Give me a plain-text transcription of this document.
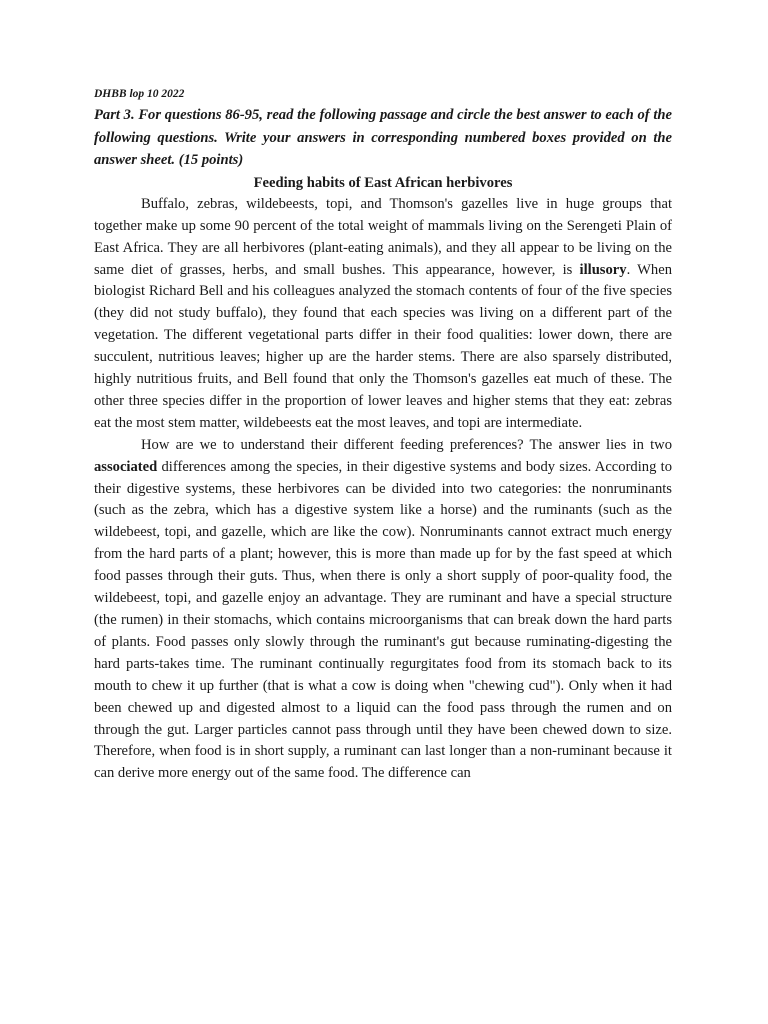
DHBB lop 10 2022

Part 3. For questions 86-95, read the following passage and circle the best answer to each of the following questions. Write your answers in corresponding numbered boxes provided on the answer sheet. (15 points)

Feeding habits of East African herbivores

Buffalo, zebras, wildebeests, topi, and Thomson's gazelles live in huge groups that together make up some 90 percent of the total weight of mammals living on the Serengeti Plain of East Africa. They are all herbivores (plant-eating animals), and they all appear to be living on the same diet of grasses, herbs, and small bushes. This appearance, however, is illusory. When biologist Richard Bell and his colleagues analyzed the stomach contents of four of the five species (they did not study buffalo), they found that each species was living on a different part of the vegetation. The different vegetational parts differ in their food qualities: lower down, there are succulent, nutritious leaves; higher up are the harder stems. There are also sparsely distributed, highly nutritious fruits, and Bell found that only the Thomson's gazelles eat much of these. The other three species differ in the proportion of lower leaves and higher stems that they eat: zebras eat the most stem matter, wildebeests eat the most leaves, and topi are intermediate.

How are we to understand their different feeding preferences? The answer lies in two associated differences among the species, in their digestive systems and body sizes. According to their digestive systems, these herbivores can be divided into two categories: the nonruminants (such as the zebra, which has a digestive system like a horse) and the ruminants (such as the wildebeest, topi, and gazelle, which are like the cow). Nonruminants cannot extract much energy from the hard parts of a plant; however, this is more than made up for by the fast speed at which food passes through their guts. Thus, when there is only a short supply of poor-quality food, the wildebeest, topi, and gazelle enjoy an advantage. They are ruminant and have a special structure (the rumen) in their stomachs, which contains microorganisms that can break down the hard parts of plants. Food passes only slowly through the ruminant's gut because ruminating-digesting the hard parts-takes time. The ruminant continually regurgitates food from its stomach back to its mouth to chew it up further (that is what a cow is doing when "chewing cud"). Only when it had been chewed up and digested almost to a liquid can the food pass through the rumen and on through the gut. Larger particles cannot pass through until they have been chewed down to size. Therefore, when food is in short supply, a ruminant can last longer than a non-ruminant because it can derive more energy out of the same food. The difference can
